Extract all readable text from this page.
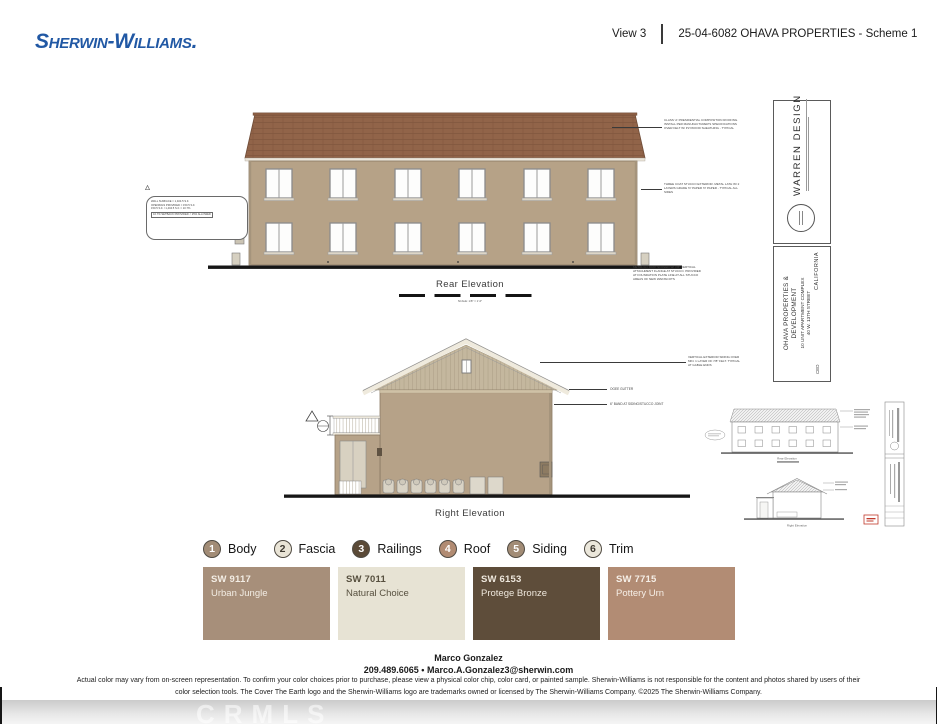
Sherwin-Williams.	View 3	25-04-6082 OHAVA PROPERTIES - Scheme 1
CLASS 'A' PRESIDENTIAL COMPOSITION ROOFING. INSTALL PER MANUFACTURER'S SPECIFICATIONS OVER FELT W/ PLYWOOD SHEATHING - TYPICAL
THREE COAT STUCCO EXTERIOR. METAL LATH W/ 2 LAYERS GRADE 'D' PAPER 'D' PAPER - TYPICAL ALL SIDES
METAL G.I. DRIP SCREED W/ 7/8" VERTICAL ATTACHMENT FLANGE AT STUCCO. PROVIDED AT FOUNDATION PLATE LINE AT ALL STUCCO AREAS OF NEW WAINSCOTS
▵
WALL SURFACE = 1,404.5 S.F.
OPENINGS PROVIDED = 150.5 S.F.
150.5 S.F. / 1,404.5 S.F. = 10.7%
10.7% SETBACK PROVIDED < 25% ALLOWED
Rear Elevation
SCALE: 1/8" = 1'-0"
VERTICAL EXTERIOR SIDING OVER MIN. 1 LAYER OF 7/8" FELT. TYPICAL AT GABLE ENDS
OGEE GUTTER
6" BAND AT SIDING/STUCCO JOINT
Right Elevation
WARREN DESIGN
OHAVA PROPERTIES & DEVELOPMENT 10 UNIT APARTMENT COMPLEX 40 W. 13TH STREET
CED
CALIFORNIA
Rear Elevation
Right Elevation
1	Body	2	Fascia	3	Railings	4	Roof	5	Siding	6	Trim
SW 9117
Urban Jungle
SW 7011
Natural Choice
SW 6153
Protege Bronze
SW 7715
Pottery Urn
Marco Gonzalez
209.489.6065 • Marco.A.Gonzalez3@sherwin.com
Actual color may vary from on-screen representation. To confirm your color choices prior to purchase, please view a physical color chip, color card, or painted sample. Sherwin-Williams is not responsible for the content and photos shared by users of their
color selection tools. The Cover The Earth logo and the Sherwin-Williams logo are trademarks owned or licensed by The Sherwin-Williams Company. ©2025 The Sherwin-Williams Company.
CRMLS
